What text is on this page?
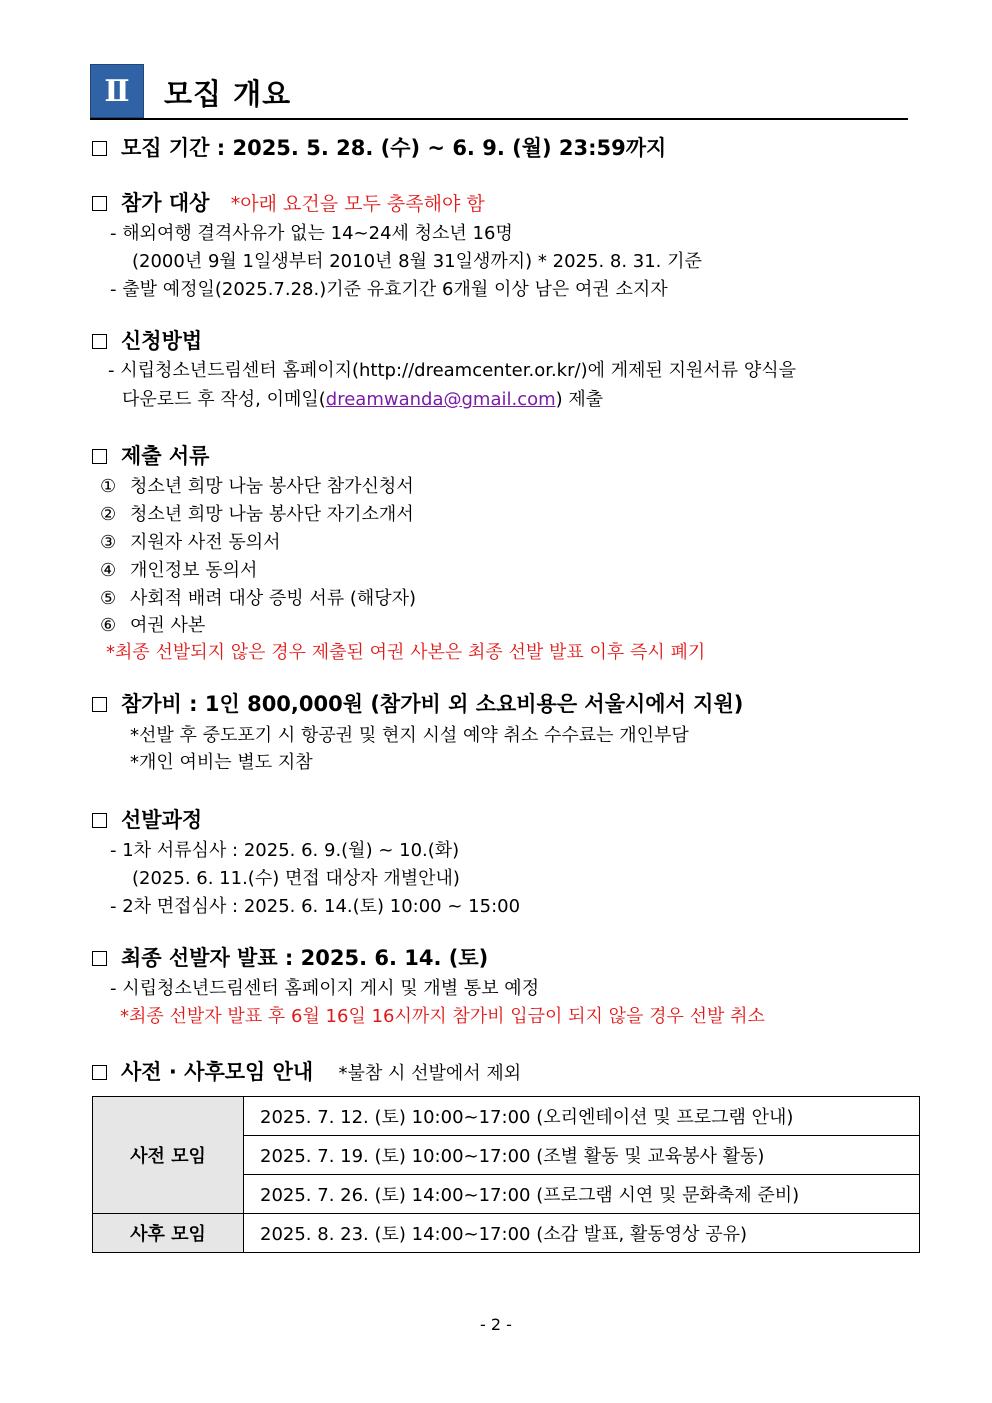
Ⅱ	모집 개요
모집 기간 : 2025. 5. 28. (수) ~ 6. 9. (월) 23:59까지
참가 대상 *아래 요건을 모두 충족해야 함
- 해외여행 결격사유가 없는 14~24세 청소년 16명
(2000년 9월 1일생부터 2010년 8월 31일생까지) * 2025. 8. 31. 기준
- 출발 예정일(2025.7.28.)기준 유효기간 6개월 이상 남은 여권 소지자
신청방법
- 시립청소년드림센터 홈페이지(http://dreamcenter.or.kr/)에 게제된 지원서류 양식을
다운로드 후 작성, 이메일(dreamwanda@gmail.com) 제출
제출 서류
① 청소년 희망 나눔 봉사단 참가신청서
② 청소년 희망 나눔 봉사단 자기소개서
③ 지원자 사전 동의서
④ 개인정보 동의서
⑤ 사회적 배려 대상 증빙 서류 (해당자)
⑥ 여권 사본
*최종 선발되지 않은 경우 제출된 여권 사본은 최종 선발 발표 이후 즉시 폐기
참가비 : 1인 800,000원 (참가비 외 소요비용은 서울시에서 지원)
*선발 후 중도포기 시 항공권 및 현지 시설 예약 취소 수수료는 개인부담
*개인 여비는 별도 지참
선발과정
- 1차 서류심사 : 2025. 6. 9.(월) ~ 10.(화)
(2025. 6. 11.(수) 면접 대상자 개별안내)
- 2차 면접심사 : 2025. 6. 14.(토) 10:00 ~ 15:00
최종 선발자 발표 : 2025. 6. 14. (토)
- 시립청소년드림센터 홈페이지 게시 및 개별 통보 예정
*최종 선발자 발표 후 6월 16일 16시까지 참가비 입금이 되지 않을 경우 선발 취소
사전 · 사후모임 안내 *불참 시 선발에서 제외
사전 모임	2025. 7. 12. (토) 10:00~17:00 (오리엔테이션 및 프로그램 안내)
	2025. 7. 19. (토) 10:00~17:00 (조별 활동 및 교육봉사 활동)
	2025. 7. 26. (토) 14:00~17:00 (프로그램 시연 및 문화축제 준비)
사후 모임	2025. 8. 23. (토) 14:00~17:00 (소감 발표, 활동영상 공유)
- 2 -
